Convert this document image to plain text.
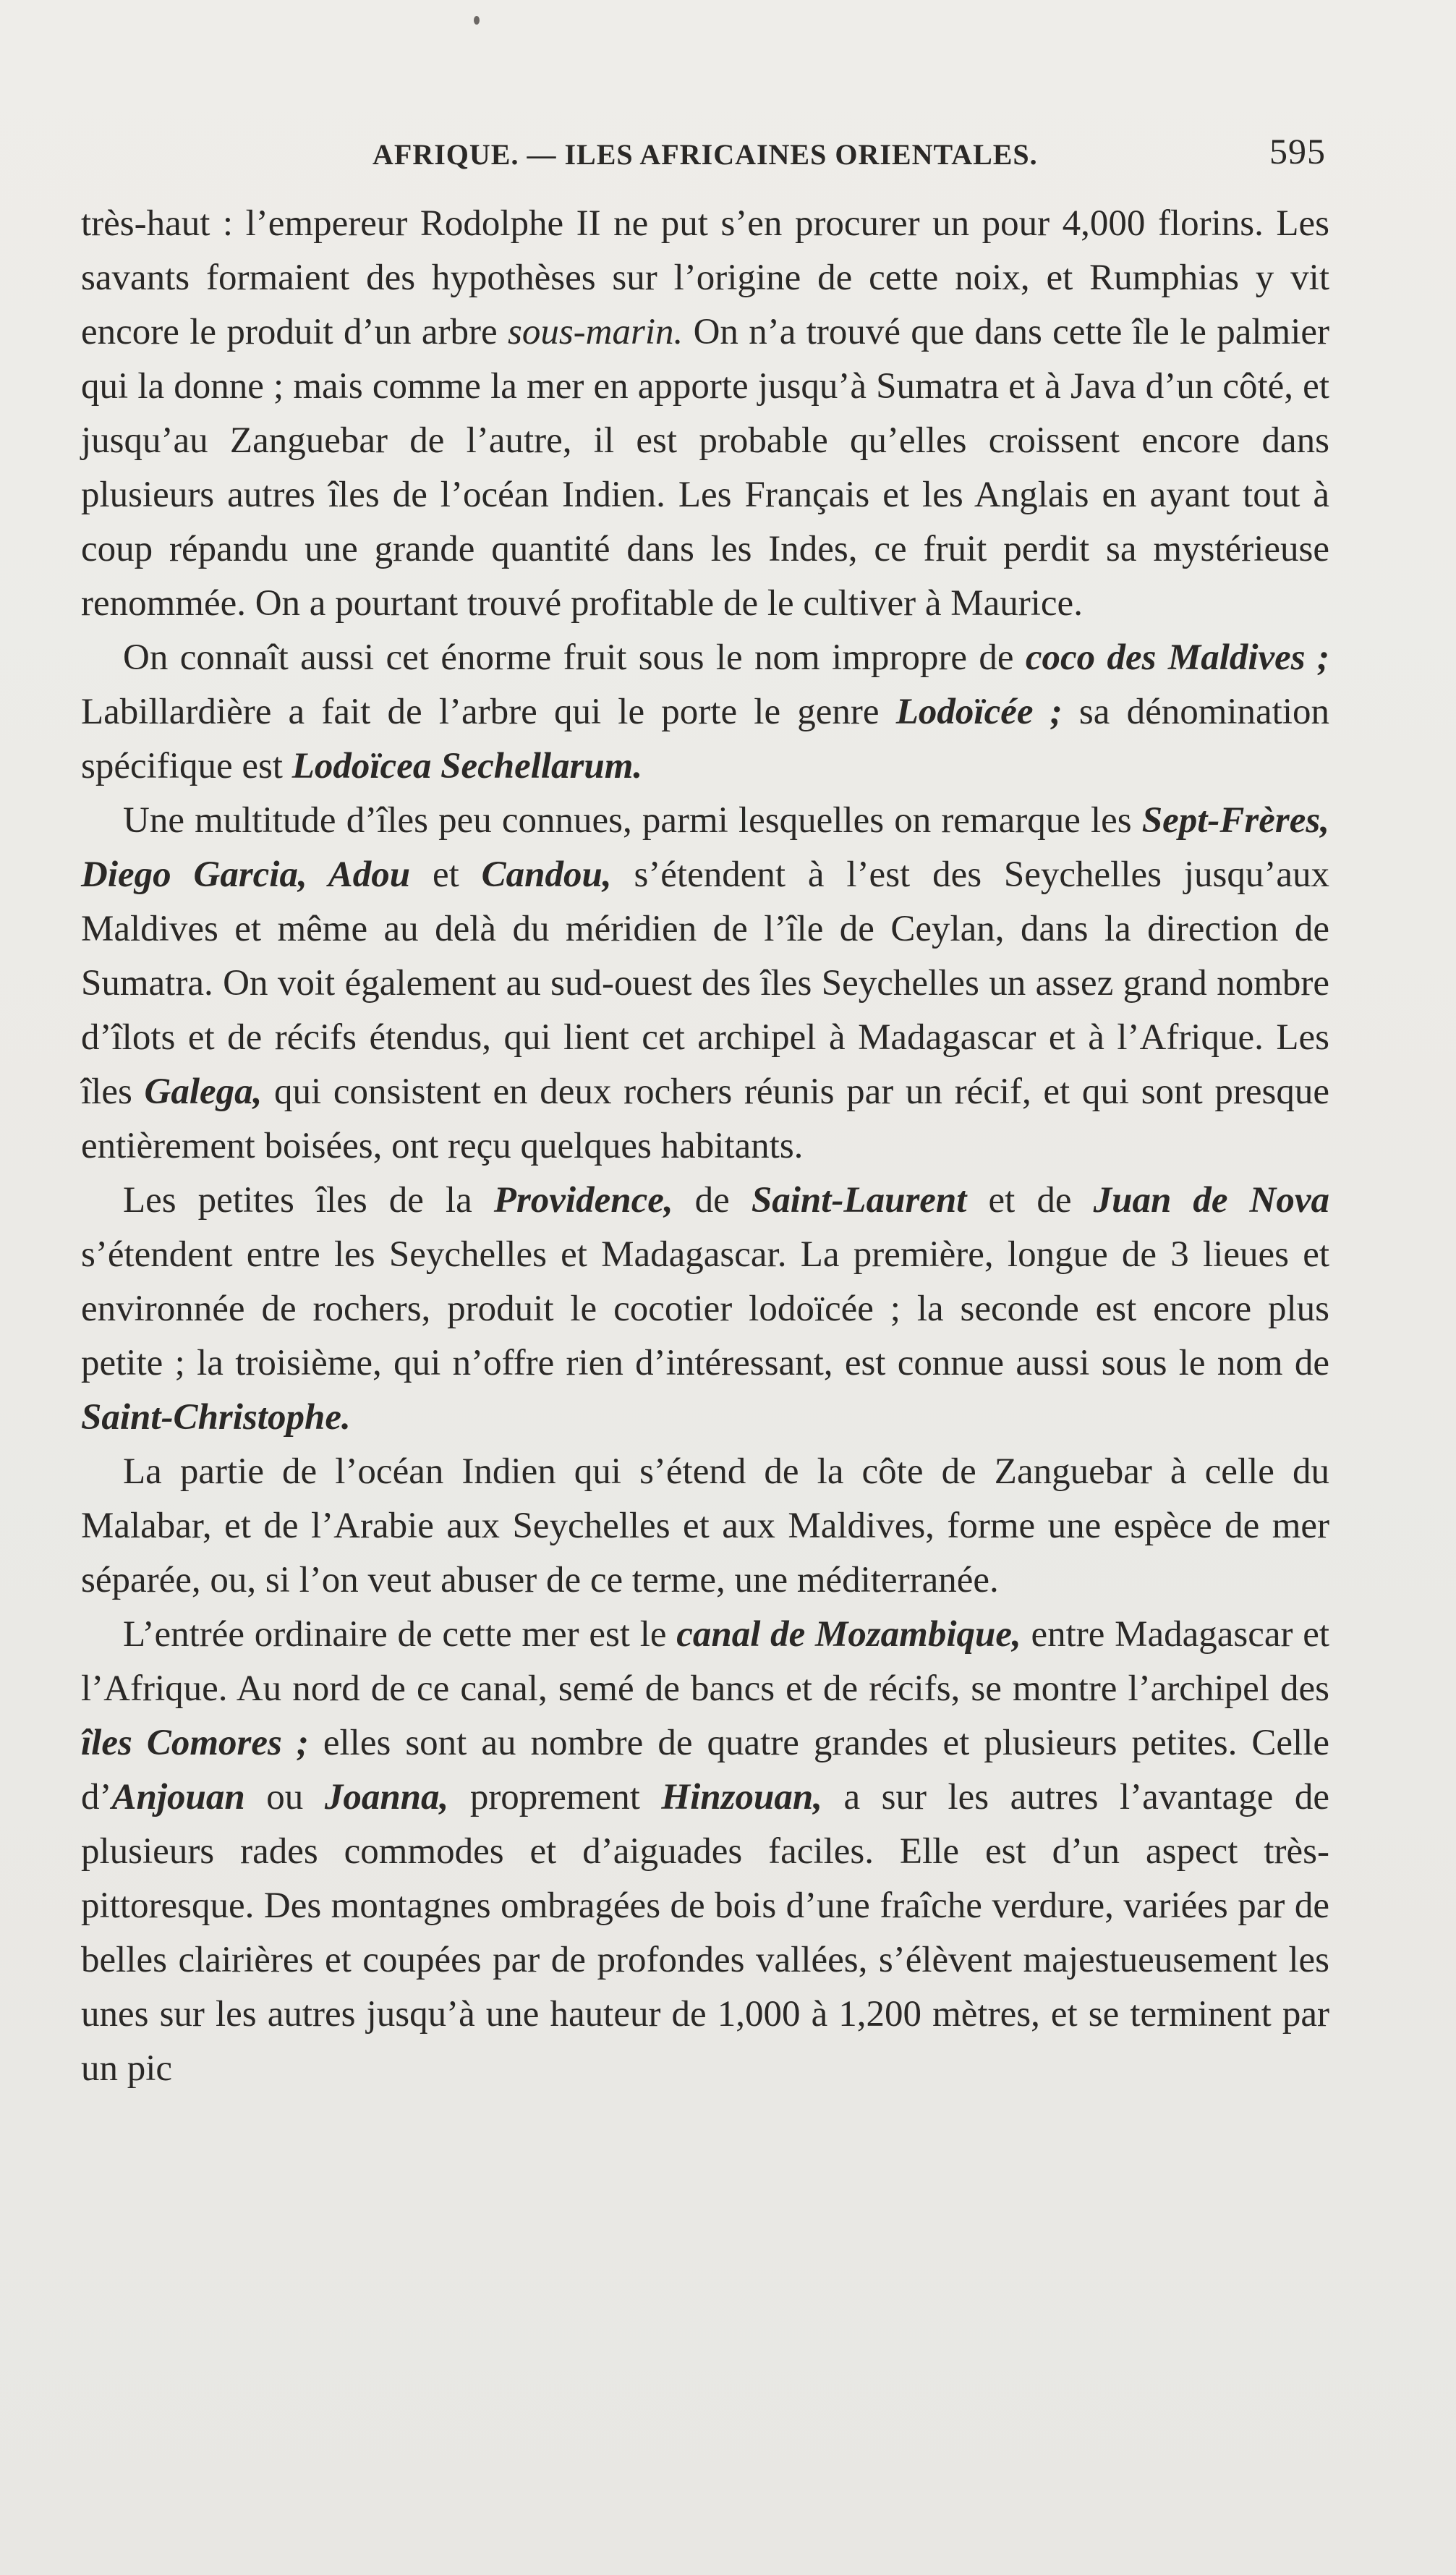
AFRIQUE. — ILES AFRICAINES ORIENTALES.	595

très-haut : l’empereur Rodolphe II ne put s’en procurer un pour 4,000 florins. Les savants formaient des hypothèses sur l’origine de cette noix, et Rumphias y vit encore le produit d’un arbre sous-marin. On n’a trouvé que dans cette île le palmier qui la donne ; mais comme la mer en apporte jusqu’à Sumatra et à Java d’un côté, et jusqu’au Zanguebar de l’autre, il est probable qu’elles croissent encore dans plusieurs autres îles de l’océan Indien. Les Français et les Anglais en ayant tout à coup répandu une grande quantité dans les Indes, ce fruit perdit sa mystérieuse renommée. On a pourtant trouvé profitable de le cultiver à Maurice.

On connaît aussi cet énorme fruit sous le nom impropre de coco des Maldives ; Labillardière a fait de l’arbre qui le porte le genre Lodoïcée ; sa dénomination spécifique est Lodoïcea Sechellarum.

Une multitude d’îles peu connues, parmi lesquelles on remarque les Sept-Frères, Diego Garcia, Adou et Candou, s’étendent à l’est des Seychelles jusqu’aux Maldives et même au delà du méridien de l’île de Ceylan, dans la direction de Sumatra. On voit également au sud-ouest des îles Seychelles un assez grand nombre d’îlots et de récifs étendus, qui lient cet archipel à Madagascar et à l’Afrique. Les îles Galega, qui consistent en deux rochers réunis par un récif, et qui sont presque entièrement boisées, ont reçu quelques habitants.

Les petites îles de la Providence, de Saint-Laurent et de Juan de Nova s’étendent entre les Seychelles et Madagascar. La première, longue de 3 lieues et environnée de rochers, produit le cocotier lodoïcée ; la seconde est encore plus petite ; la troisième, qui n’offre rien d’intéressant, est connue aussi sous le nom de Saint-Christophe.

La partie de l’océan Indien qui s’étend de la côte de Zanguebar à celle du Malabar, et de l’Arabie aux Seychelles et aux Maldives, forme une espèce de mer séparée, ou, si l’on veut abuser de ce terme, une méditerranée.

L’entrée ordinaire de cette mer est le canal de Mozambique, entre Madagascar et l’Afrique. Au nord de ce canal, semé de bancs et de récifs, se montre l’archipel des îles Comores ; elles sont au nombre de quatre grandes et plusieurs petites. Celle d’Anjouan ou Joanna, proprement Hinzouan, a sur les autres l’avantage de plusieurs rades commodes et d’aiguades faciles. Elle est d’un aspect très-pittoresque. Des montagnes ombragées de bois d’une fraîche verdure, variées par de belles clairières et coupées par de profondes vallées, s’élèvent majestueusement les unes sur les autres jusqu’à une hauteur de 1,000 à 1,200 mètres, et se terminent par un pic
